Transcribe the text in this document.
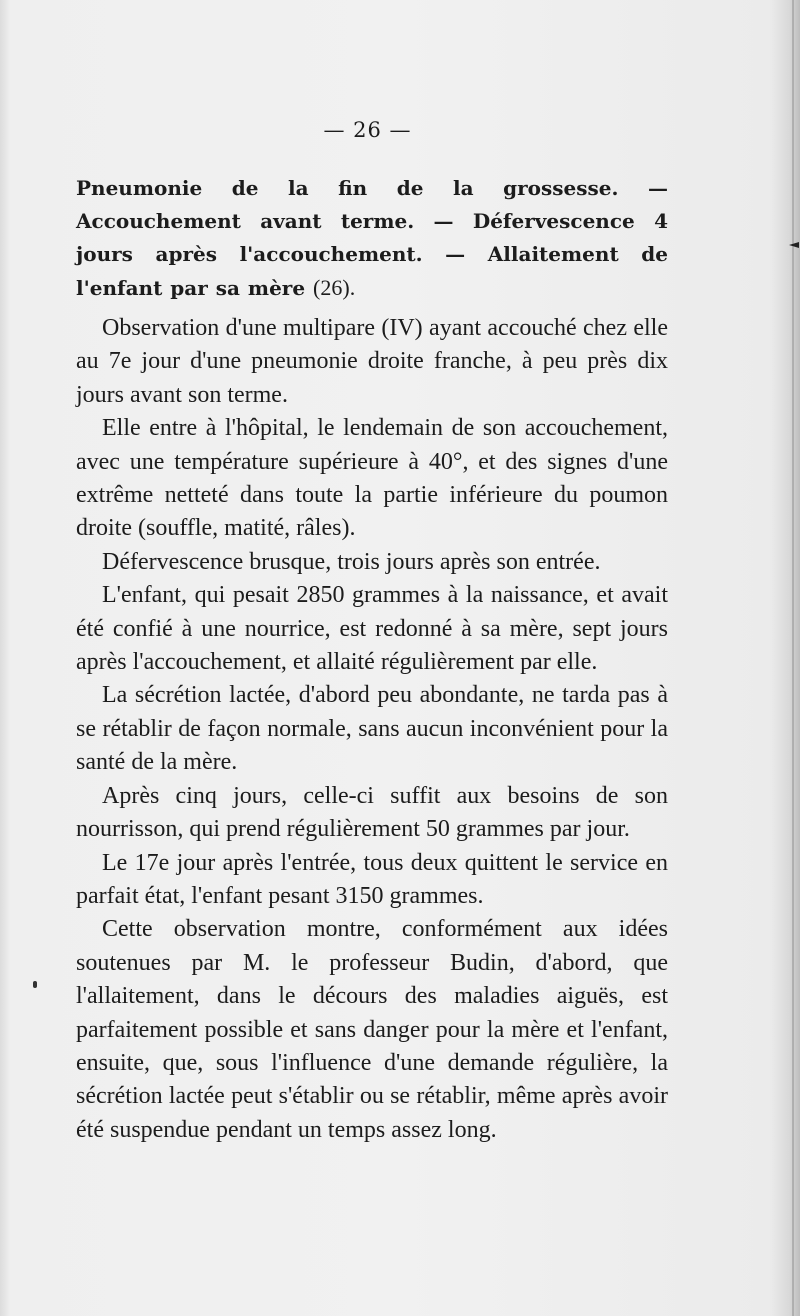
— 26 —

Pneumonie de la fin de la grossesse. — Accouchement avant terme. — Défervescence 4 jours après l'accouchement. — Allaitement de l'enfant par sa mère (26).

Observation d'une multipare (IV) ayant accouché chez elle au 7e jour d'une pneumonie droite franche, à peu près dix jours avant son terme.

Elle entre à l'hôpital, le lendemain de son accouchement, avec une température supérieure à 40°, et des signes d'une extrême netteté dans toute la partie inférieure du poumon droite (souffle, matité, râles).

Défervescence brusque, trois jours après son entrée.

L'enfant, qui pesait 2850 grammes à la naissance, et avait été confié à une nourrice, est redonné à sa mère, sept jours après l'accouchement, et allaité régulièrement par elle.

La sécrétion lactée, d'abord peu abondante, ne tarda pas à se rétablir de façon normale, sans aucun inconvénient pour la santé de la mère.

Après cinq jours, celle-ci suffit aux besoins de son nourrisson, qui prend régulièrement 50 grammes par jour.

Le 17e jour après l'entrée, tous deux quittent le service en parfait état, l'enfant pesant 3150 grammes.

Cette observation montre, conformément aux idées soutenues par M. le professeur Budin, d'abord, que l'allaitement, dans le décours des maladies aiguës, est parfaitement possible et sans danger pour la mère et l'enfant, ensuite, que, sous l'influence d'une demande régulière, la sécrétion lactée peut s'établir ou se rétablir, même après avoir été suspendue pendant un temps assez long.
